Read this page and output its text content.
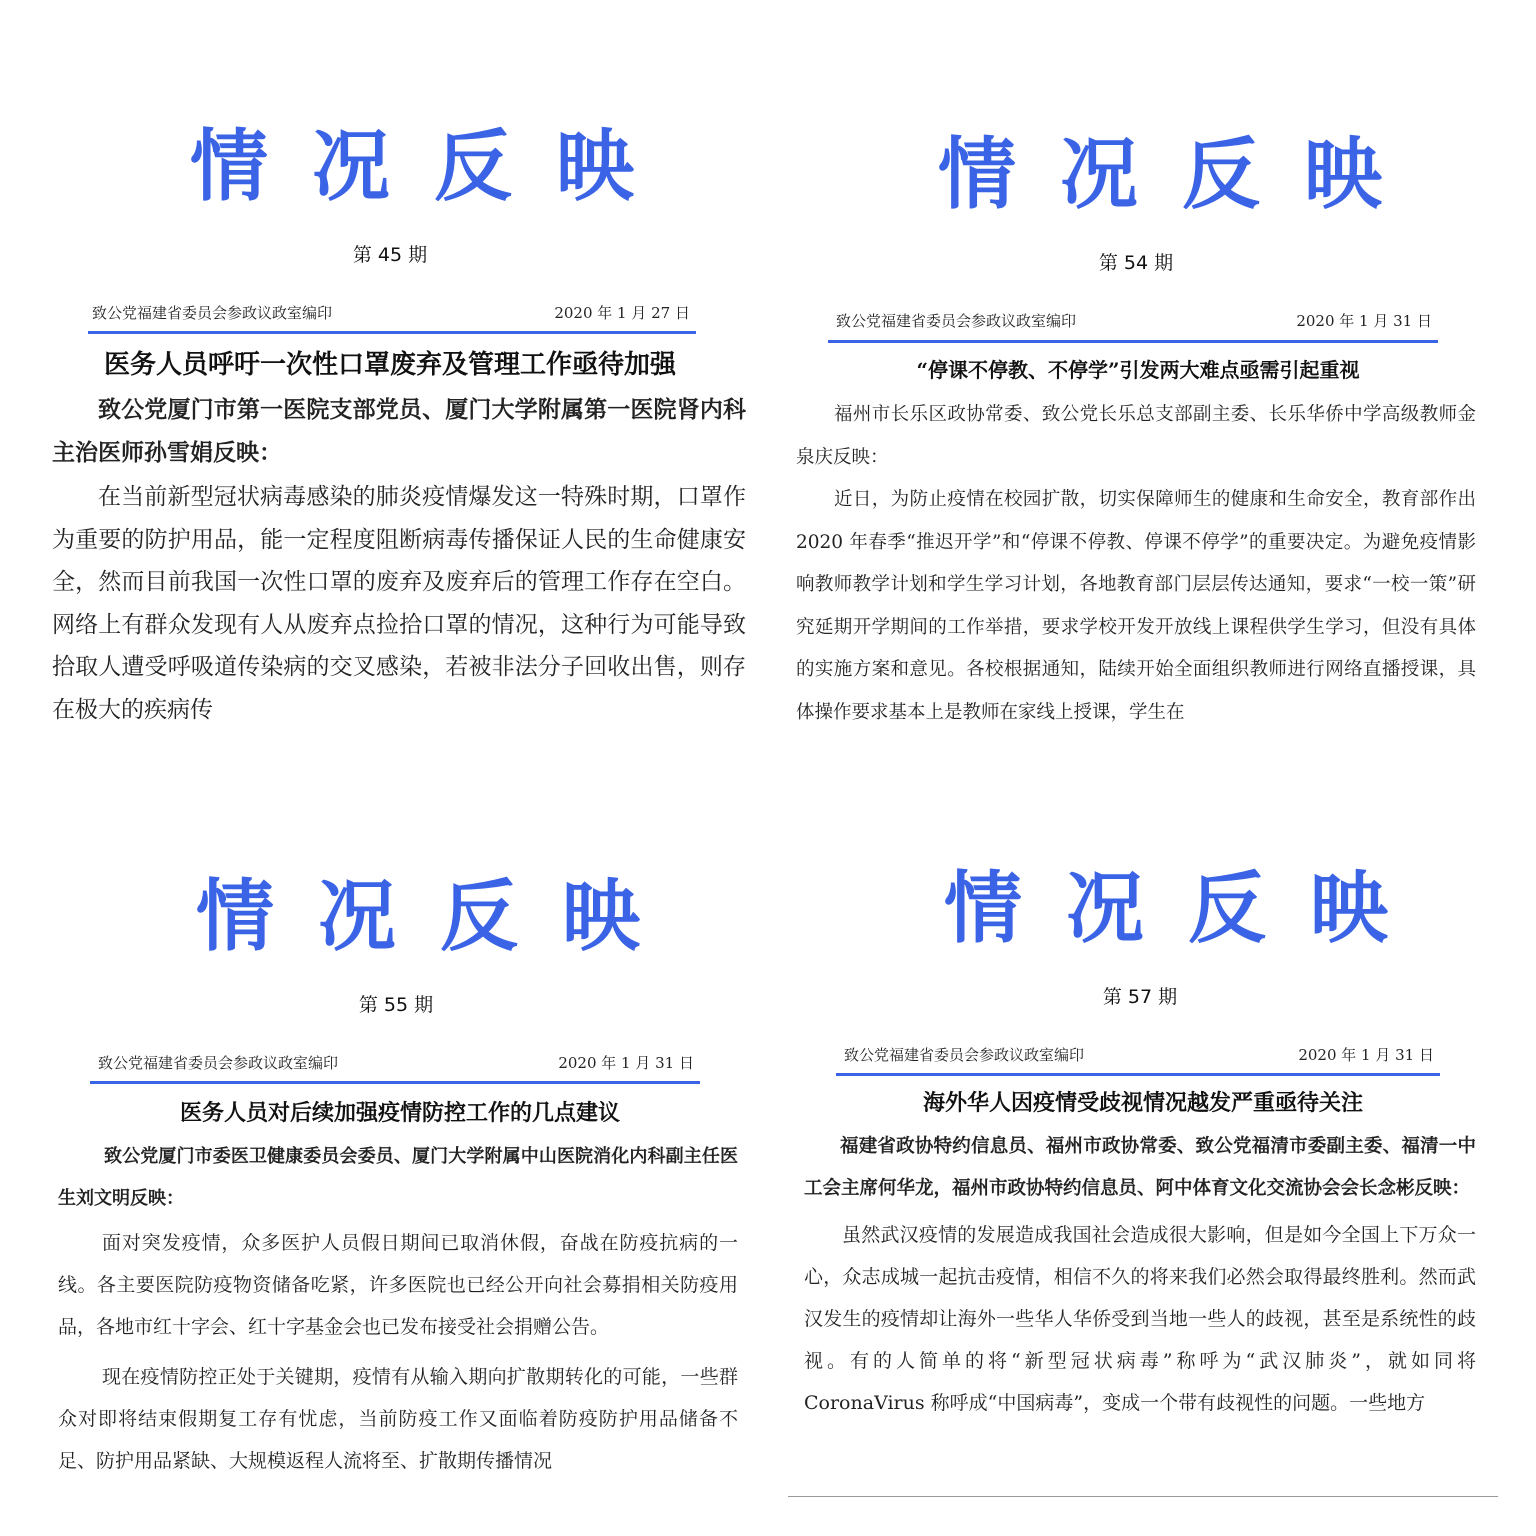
情况反映
第 45 期
致公党福建省委员会参政议政室编印	2020 年 1 月 27 日
医务人员呼吁一次性口罩废弃及管理工作亟待加强

致公党厦门市第一医院支部党员、厦门大学附属第一医院肾内科主治医师孙雪娟反映：

在当前新型冠状病毒感染的肺炎疫情爆发这一特殊时期，口罩作为重要的防护用品，能一定程度阻断病毒传播保证人民的生命健康安全，然而目前我国一次性口罩的废弃及废弃后的管理工作存在空白。网络上有群众发现有人从废弃点捡拾口罩的情况，这种行为可能导致拾取人遭受呼吸道传染病的交叉感染，若被非法分子回收出售，则存在极大的疾病传

情况反映
第 54 期
致公党福建省委员会参政议政室编印	2020 年 1 月 31 日
“停课不停教、不停学”引发两大难点亟需引起重视

福州市长乐区政协常委、致公党长乐总支部副主委、长乐华侨中学高级教师金泉庆反映：

近日，为防止疫情在校园扩散，切实保障师生的健康和生命安全，教育部作出 2020 年春季“推迟开学”和“停课不停教、停课不停学”的重要决定。为避免疫情影响教师教学计划和学生学习计划，各地教育部门层层传达通知，要求“一校一策”研究延期开学期间的工作举措，要求学校开发开放线上课程供学生学习，但没有具体的实施方案和意见。各校根据通知，陆续开始全面组织教师进行网络直播授课，具体操作要求基本上是教师在家线上授课，学生在

情况反映
第 55 期
致公党福建省委员会参政议政室编印	2020 年 1 月 31 日
医务人员对后续加强疫情防控工作的几点建议

致公党厦门市委医卫健康委员会委员、厦门大学附属中山医院消化内科副主任医生刘文明反映：

面对突发疫情，众多医护人员假日期间已取消休假，奋战在防疫抗病的一线。各主要医院防疫物资储备吃紧，许多医院也已经公开向社会募捐相关防疫用品，各地市红十字会、红十字基金会也已发布接受社会捐赠公告。

现在疫情防控正处于关键期，疫情有从输入期向扩散期转化的可能，一些群众对即将结束假期复工存有忧虑，当前防疫工作又面临着防疫防护用品储备不足、防护用品紧缺、大规模返程人流将至、扩散期传播情况

情况反映
第 57 期
致公党福建省委员会参政议政室编印	2020 年 1 月 31 日
海外华人因疫情受歧视情况越发严重亟待关注

福建省政协特约信息员、福州市政协常委、致公党福清市委副主委、福清一中工会主席何华龙，福州市政协特约信息员、阿中体育文化交流协会会长念彬反映：

虽然武汉疫情的发展造成我国社会造成很大影响，但是如今全国上下万众一心，众志成城一起抗击疫情，相信不久的将来我们必然会取得最终胜利。然而武汉发生的疫情却让海外一些华人华侨受到当地一些人的歧视，甚至是系统性的歧视。有的人简单的将“新型冠状病毒”称呼为“武汉肺炎”，就如同将 CoronaVirus 称呼成“中国病毒”，变成一个带有歧视性的问题。一些地方
